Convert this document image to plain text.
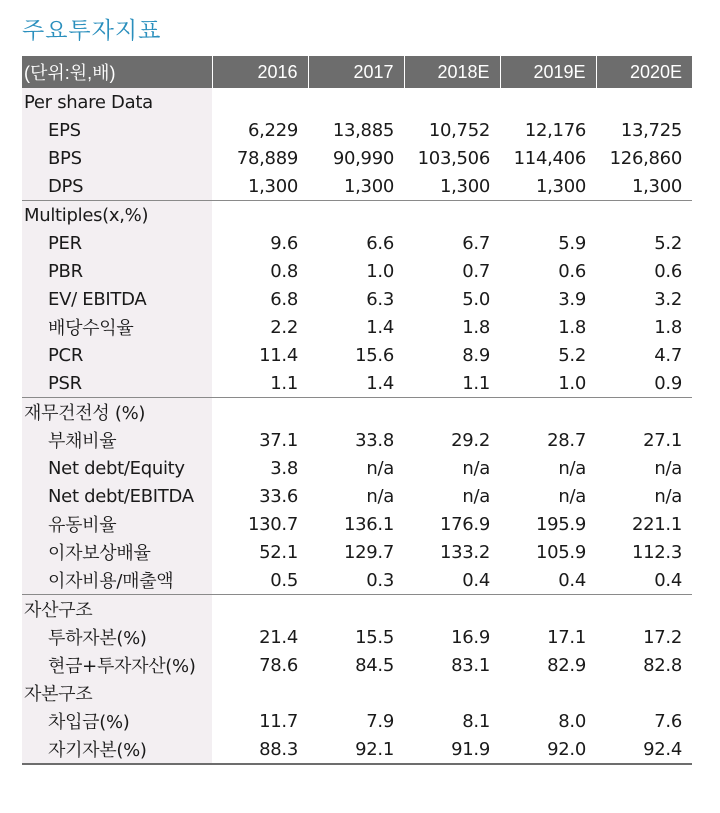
주요투자지표
(단위:원,배)	2016	2017	2018E	2019E	2020E
Per share Data					
EPS	6,229	13,885	10,752	12,176	13,725
BPS	78,889	90,990	103,506	114,406	126,860
DPS	1,300	1,300	1,300	1,300	1,300
Multiples(x,%)					
PER	9.6	6.6	6.7	5.9	5.2
PBR	0.8	1.0	0.7	0.6	0.6
EV/ EBITDA	6.8	6.3	5.0	3.9	3.2
배당수익율	2.2	1.4	1.8	1.8	1.8
PCR	11.4	15.6	8.9	5.2	4.7
PSR	1.1	1.4	1.1	1.0	0.9
재무건전성 (%)					
부채비율	37.1	33.8	29.2	28.7	27.1
Net debt/Equity	3.8	n/a	n/a	n/a	n/a
Net debt/EBITDA	33.6	n/a	n/a	n/a	n/a
유동비율	130.7	136.1	176.9	195.9	221.1
이자보상배율	52.1	129.7	133.2	105.9	112.3
이자비용/매출액	0.5	0.3	0.4	0.4	0.4
자산구조					
투하자본(%)	21.4	15.5	16.9	17.1	17.2
현금+투자자산(%)	78.6	84.5	83.1	82.9	82.8
자본구조					
차입금(%)	11.7	7.9	8.1	8.0	7.6
자기자본(%)	88.3	92.1	91.9	92.0	92.4
